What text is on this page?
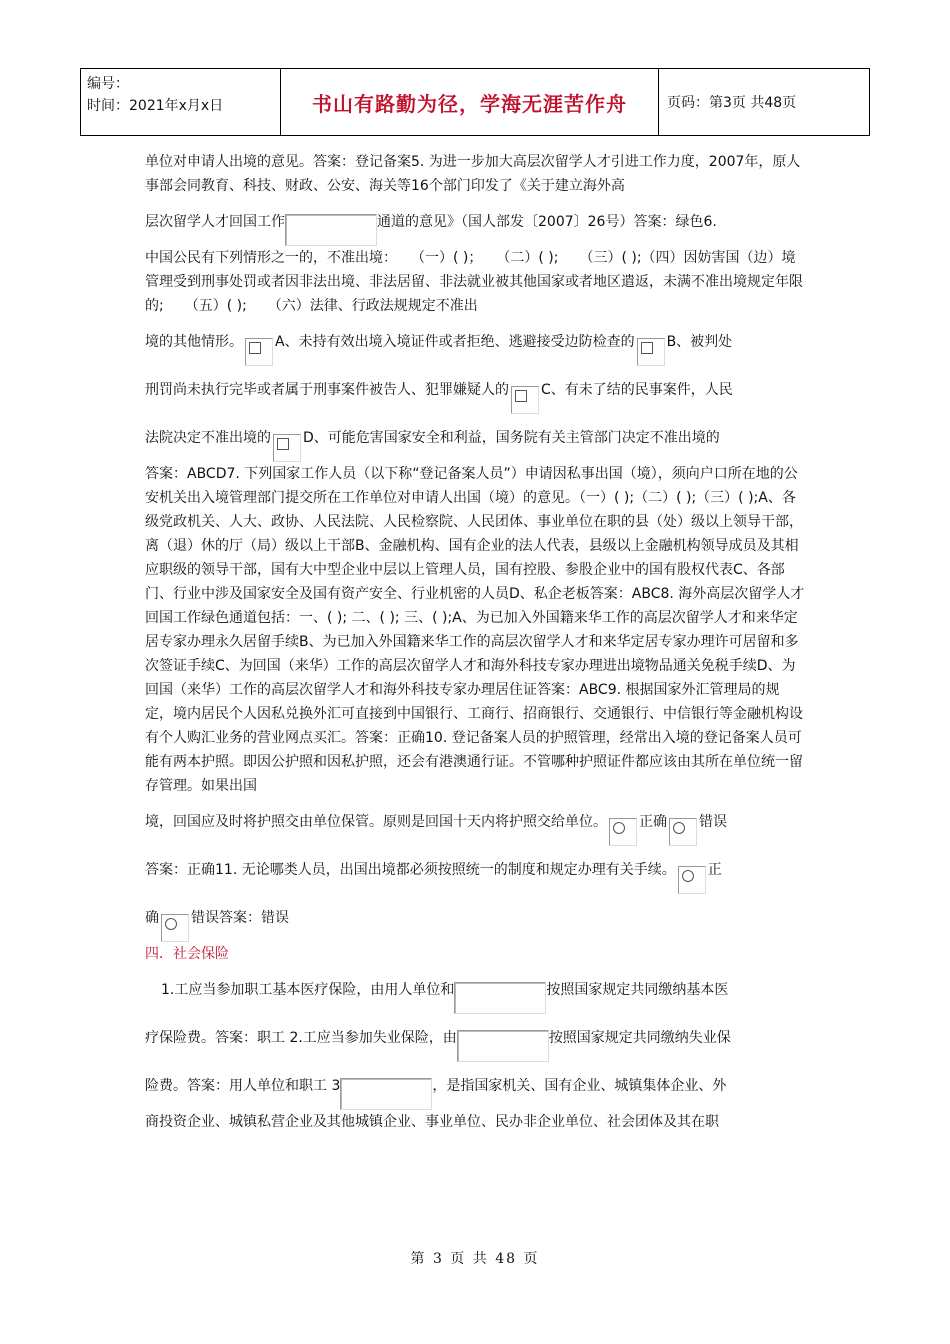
编号：
时间：2021年x月x日	书山有路勤为径，学海无涯苦作舟	页码：第3页 共48页

单位对申请人出境的意见。答案：登记备案5. 为进一步加大高层次留学人才引进工作力度，2007年，原人事部会同教育、科技、财政、公安、海关等16个部门印发了《关于建立海外高

层次留学人才回国工作	通道的意见》（国人部发〔2007〕26号）答案：绿色6.

中国公民有下列情形之一的，不准出境：　　（一）( )；　　（二）( );　　（三）( );（四）因妨害国（边）境管理受到刑事处罚或者因非法出境、非法居留、非法就业被其他国家或者地区遣返，未满不准出境规定年限的;　　（五）( );　　（六）法律、行政法规规定不准出

境的其他情形。 A、未持有效出境入境证件或者拒绝、逃避接受边防检查的 B、被判处

刑罚尚未执行完毕或者属于刑事案件被告人、犯罪嫌疑人的 C、有未了结的民事案件，人民

法院决定不准出境的 D、可能危害国家安全和利益，国务院有关主管部门决定不准出境的

答案：ABCD7. 下列国家工作人员（以下称“登记备案人员”）申请因私事出国（境），须向户口所在地的公安机关出入境管理部门提交所在工作单位对申请人出国（境）的意见。（一）( );（二）( );（三）( );A、各级党政机关、人大、政协、人民法院、人民检察院、人民团体、事业单位在职的县（处）级以上领导干部，离（退）休的厅（局）级以上干部B、金融机构、国有企业的法人代表，县级以上金融机构领导成员及其相应职级的领导干部，国有大中型企业中层以上管理人员，国有控股、参股企业中的国有股权代表C、各部门、行业中涉及国家安全及国有资产安全、行业机密的人员D、私企老板答案：ABC8. 海外高层次留学人才回国工作绿色通道包括：一、( ); 二、( ); 三、( );A、为已加入外国籍来华工作的高层次留学人才和来华定居专家办理永久居留手续B、为已加入外国籍来华工作的高层次留学人才和来华定居专家办理许可居留和多次签证手续C、为回国（来华）工作的高层次留学人才和海外科技专家办理进出境物品通关免税手续D、为回国（来华）工作的高层次留学人才和海外科技专家办理居住证答案：ABC9. 根据国家外汇管理局的规定，境内居民个人因私兑换外汇可直接到中国银行、工商行、招商银行、交通银行、中信银行等金融机构设有个人购汇业务的营业网点买汇。答案：正确10. 登记备案人员的护照管理，经常出入境的登记备案人员可能有两本护照。即因公护照和因私护照，还会有港澳通行证。不管哪种护照证件都应该由其所在单位统一留存管理。如果出国

境，回国应及时将护照交由单位保管。原则是回国十天内将护照交给单位。 正确 错误

答案：正确11. 无论哪类人员，出国出境都必须按照统一的制度和规定办理有关手续。 正

确 错误答案：错误

四．社会保险

1.工应当参加职工基本医疗保险，由用人单位和	按照国家规定共同缴纳基本医

疗保险费。答案：职工 2.工应当参加失业保险，由	按照国家规定共同缴纳失业保

险费。答案：用人单位和职工 3	，是指国家机关、国有企业、城镇集体企业、外

商投资企业、城镇私营企业及其他城镇企业、事业单位、民办非企业单位、社会团体及其在职

第 3 页 共 48 页
